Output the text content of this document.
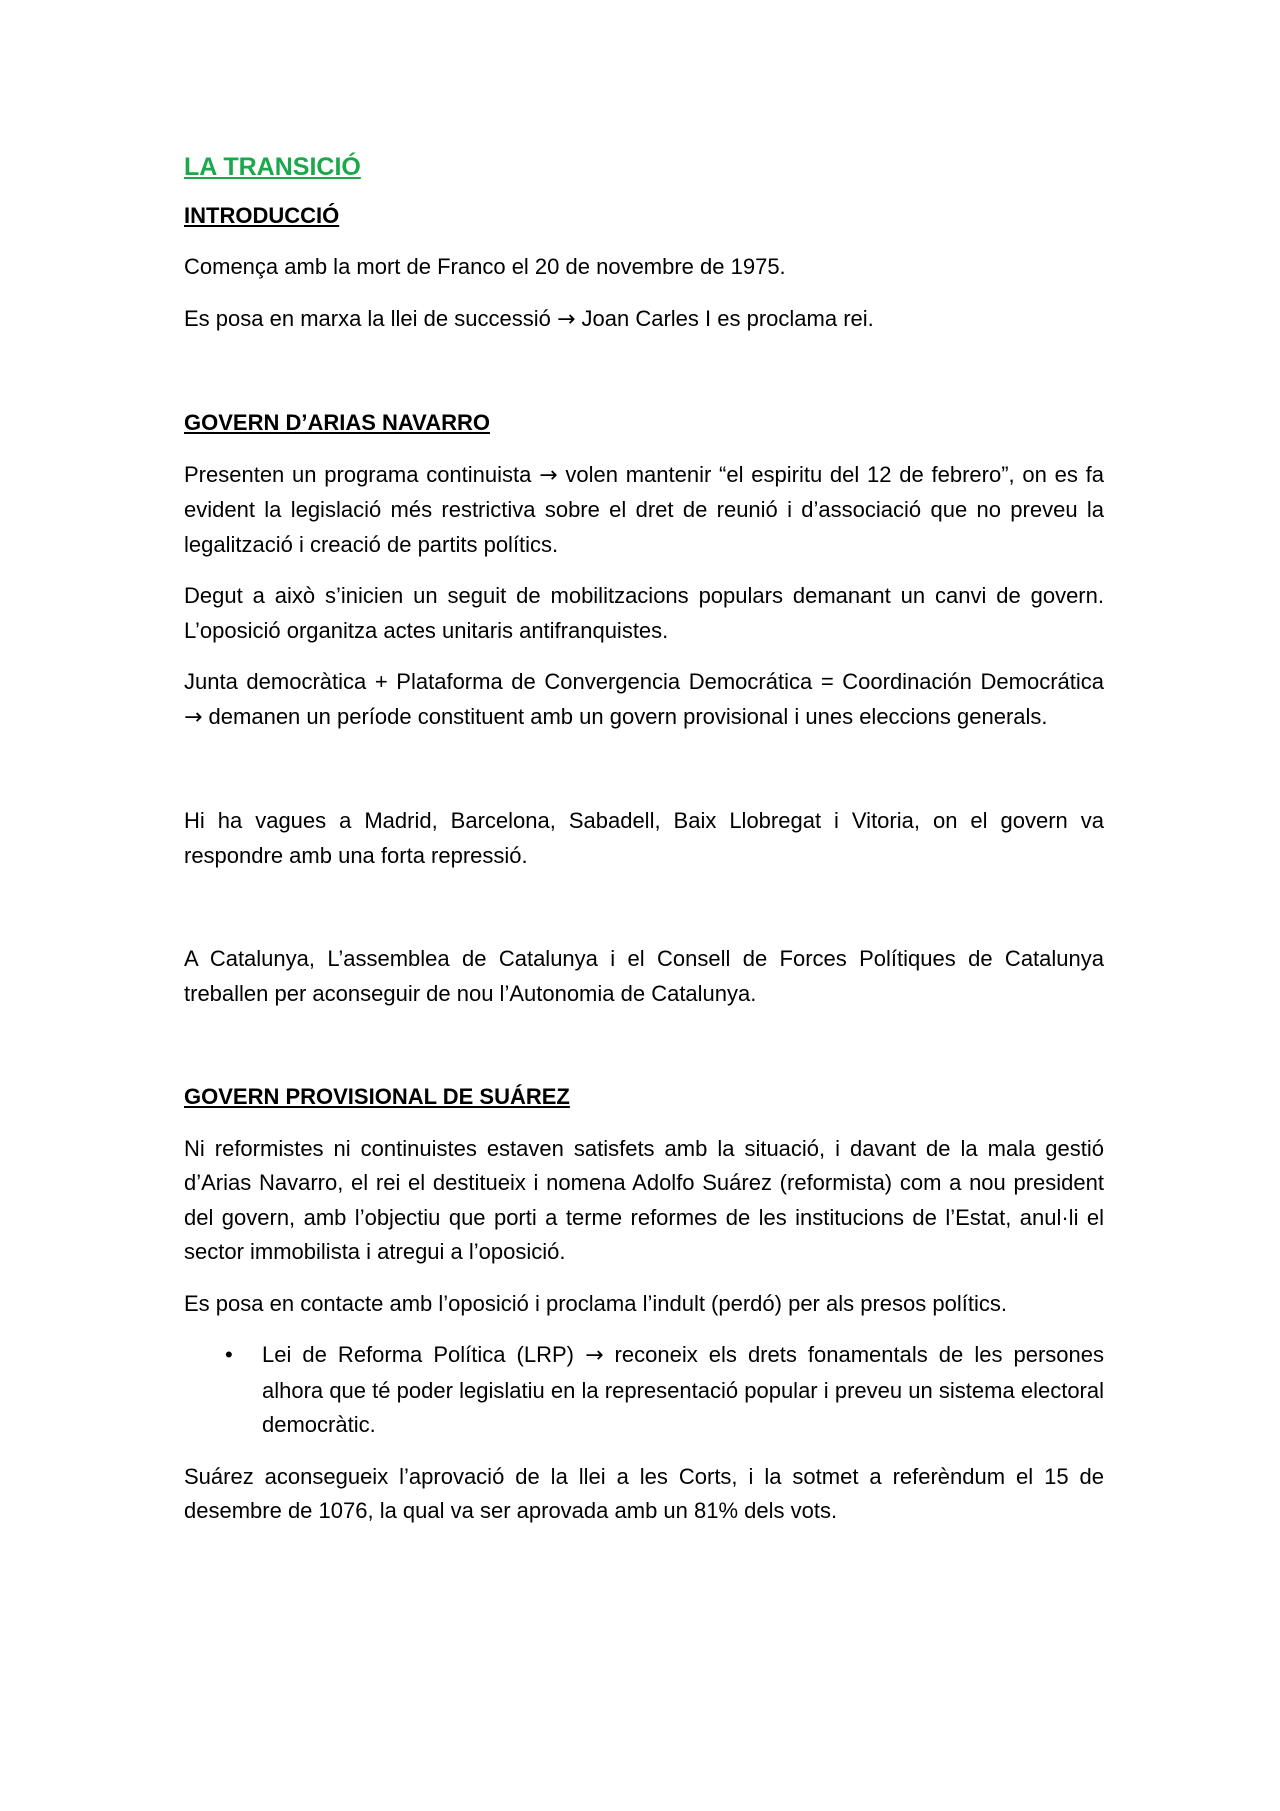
LA TRANSICIÓ
INTRODUCCIÓ

Comença amb la mort de Franco el 20 de novembre de 1975.

Es posa en marxa la llei de successió → Joan Carles I es proclama rei.

GOVERN D’ARIAS NAVARRO

Presenten un programa continuista → volen mantenir “el espiritu del 12 de febrero”, on es fa evident la legislació més restrictiva sobre el dret de reunió i d’associació que no preveu la legalització i creació de partits polítics.

Degut a això s’inicien un seguit de mobilitzacions populars demanant un canvi de govern. L’oposició organitza actes unitaris antifranquistes.

Junta democràtica + Plataforma de Convergencia Democrática = Coordinación Democrática → demanen un període constituent amb un govern provisional i unes eleccions generals.

Hi ha vagues a Madrid, Barcelona, Sabadell, Baix Llobregat i Vitoria, on el govern va respondre amb una forta repressió.

A Catalunya, L’assemblea de Catalunya i el Consell de Forces Polítiques de Catalunya treballen per aconseguir de nou l’Autonomia de Catalunya.

GOVERN PROVISIONAL DE SUÁREZ

Ni reformistes ni continuistes estaven satisfets amb la situació, i davant de la mala gestió d’Arias Navarro, el rei el destitueix i nomena Adolfo Suárez (reformista) com a nou president del govern, amb l’objectiu que porti a terme reformes de les institucions de l’Estat, anul·li el sector immobilista i atregui a l’oposició.

Es posa en contacte amb l’oposició i proclama l’indult (perdó) per als presos polítics.

• Lei de Reforma Política (LRP) → reconeix els drets fonamentals de les persones alhora que té poder legislatiu en la representació popular i preveu un sistema electoral democràtic.

Suárez aconsegueix l’aprovació de la llei a les Corts, i la sotmet a referèndum el 15 de desembre de 1076, la qual va ser aprovada amb un 81% dels vots.
